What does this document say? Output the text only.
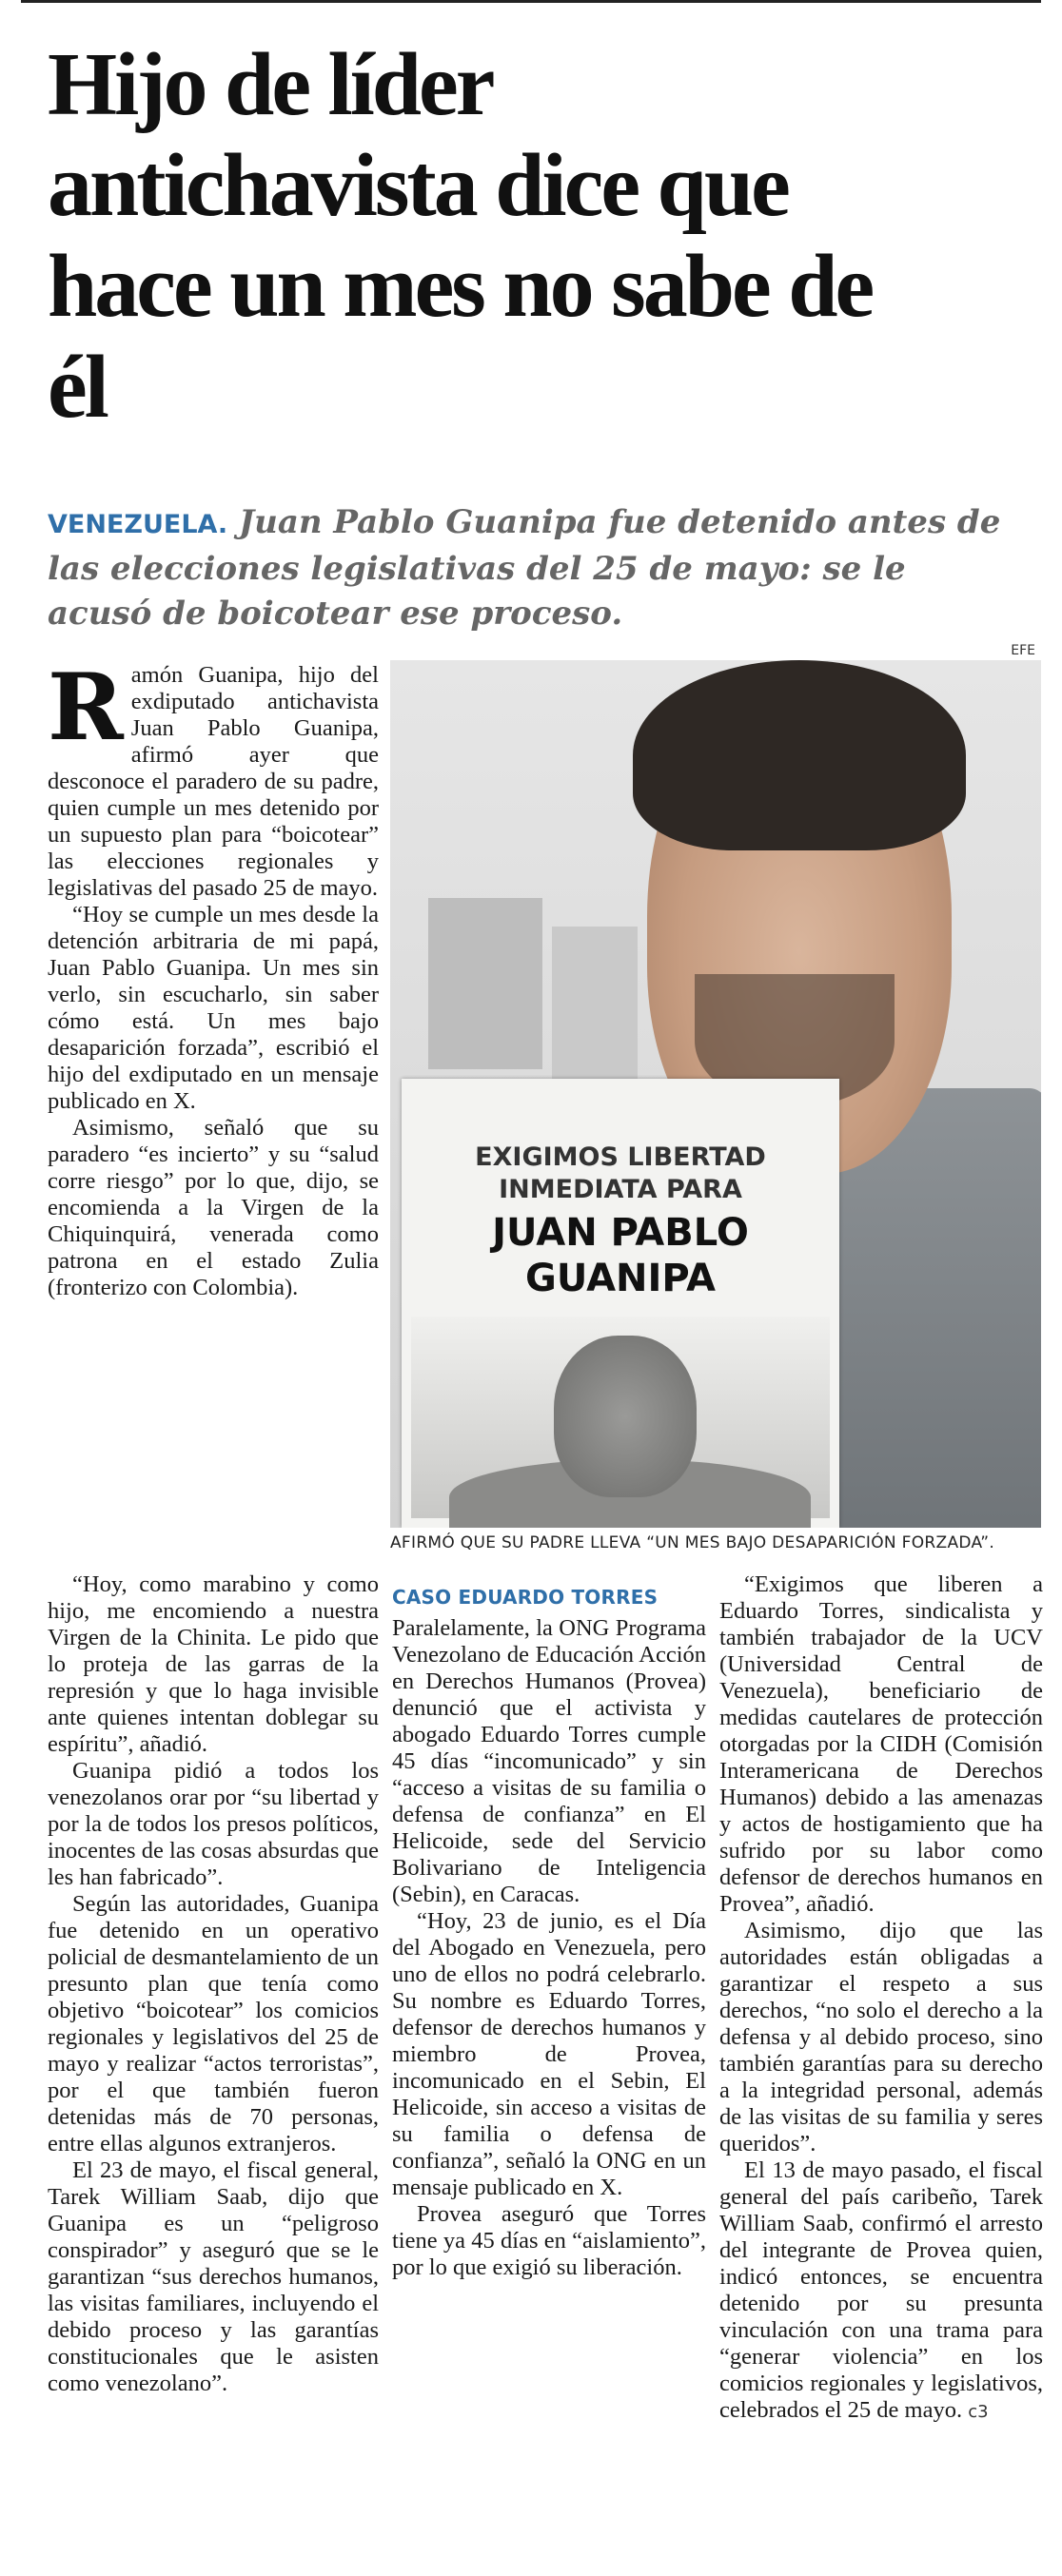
Hijo de líder antichavista dice que hace un mes no sabe de él

VENEZUELA. Juan Pablo Guanipa fue detenido antes de las elecciones legislativas del 25 de mayo: se le acusó de boicotear ese proceso.

EFE
EXIGIMOS LIBERTAD
INMEDIATA PARA
JUAN PABLO
GUANIPA

AFIRMÓ QUE SU PADRE LLEVA “UN MES BAJO DESAPARICIÓN FORZADA”.

Ramón Guanipa, hijo del exdiputado antichavista Juan Pablo Guanipa, afirmó ayer que desconoce el paradero de su padre, quien cumple un mes detenido por un supuesto plan para “boicotear” las elecciones regionales y legislativas del pasado 25 de mayo.

“Hoy se cumple un mes desde la detención arbitraria de mi papá, Juan Pablo Guanipa. Un mes sin verlo, sin escucharlo, sin saber cómo está. Un mes bajo desaparición forzada”, escribió el hijo del exdiputado en un mensaje publicado en X.

Asimismo, señaló que su paradero “es incierto” y su “salud corre riesgo” por lo que, dijo, se encomienda a la Virgen de la Chiquinquirá, venerada como patrona en el estado Zulia (fronterizo con Colombia).

“Hoy, como marabino y como hijo, me encomiendo a nuestra Virgen de la Chinita. Le pido que lo proteja de las garras de la represión y que lo haga invisible ante quienes intentan doblegar su espíritu”, añadió.

Guanipa pidió a todos los venezolanos orar por “su libertad y por la de todos los presos políticos, inocentes de las cosas absurdas que les han fabricado”.

Según las autoridades, Guanipa fue detenido en un operativo policial de desmantelamiento de un presunto plan que tenía como objetivo “boicotear” los comicios regionales y legislativos del 25 de mayo y realizar “actos terroristas”, por el que también fueron detenidas más de 70 personas, entre ellas algunos extranjeros.

El 23 de mayo, el fiscal general, Tarek William Saab, dijo que Guanipa es un “peligroso conspirador” y aseguró que se le garantizan “sus derechos humanos, las visitas familiares, incluyendo el debido proceso y las garantías constitucionales que le asisten como venezolano”.

CASO EDUARDO TORRES

Paralelamente, la ONG Programa Venezolano de Educación Acción en Derechos Humanos (Provea) denunció que el activista y abogado Eduardo Torres cumple 45 días “incomunicado” y sin “acceso a visitas de su familia o defensa de confianza” en El Helicoide, sede del Servicio Bolivariano de Inteligencia (Sebin), en Caracas.

“Hoy, 23 de junio, es el Día del Abogado en Venezuela, pero uno de ellos no podrá celebrarlo. Su nombre es Eduardo Torres, defensor de derechos humanos y miembro de Provea, incomunicado en el Sebin, El Helicoide, sin acceso a visitas de su familia o defensa de confianza”, señaló la ONG en un mensaje publicado en X.

Provea aseguró que Torres tiene ya 45 días en “aislamiento”, por lo que exigió su liberación.

“Exigimos que liberen a Eduardo Torres, sindicalista y también trabajador de la UCV (Universidad Central de Venezuela), beneficiario de medidas cautelares de protección otorgadas por la CIDH (Comisión Interamericana de Derechos Humanos) debido a las amenazas y actos de hostigamiento que ha sufrido por su labor como defensor de derechos humanos en Provea”, añadió.

Asimismo, dijo que las autoridades están obligadas a garantizar el respeto a sus derechos, “no solo el derecho a la defensa y al debido proceso, sino también garantías para su derecho a la integridad personal, además de las visitas de su familia y seres queridos”.

El 13 de mayo pasado, el fiscal general del país caribeño, Tarek William Saab, confirmó el arresto del integrante de Provea quien, indicó entonces, se encuentra detenido por su presunta vinculación con una trama para “generar violencia” en los comicios regionales y legislativos, celebrados el 25 de mayo. c3
